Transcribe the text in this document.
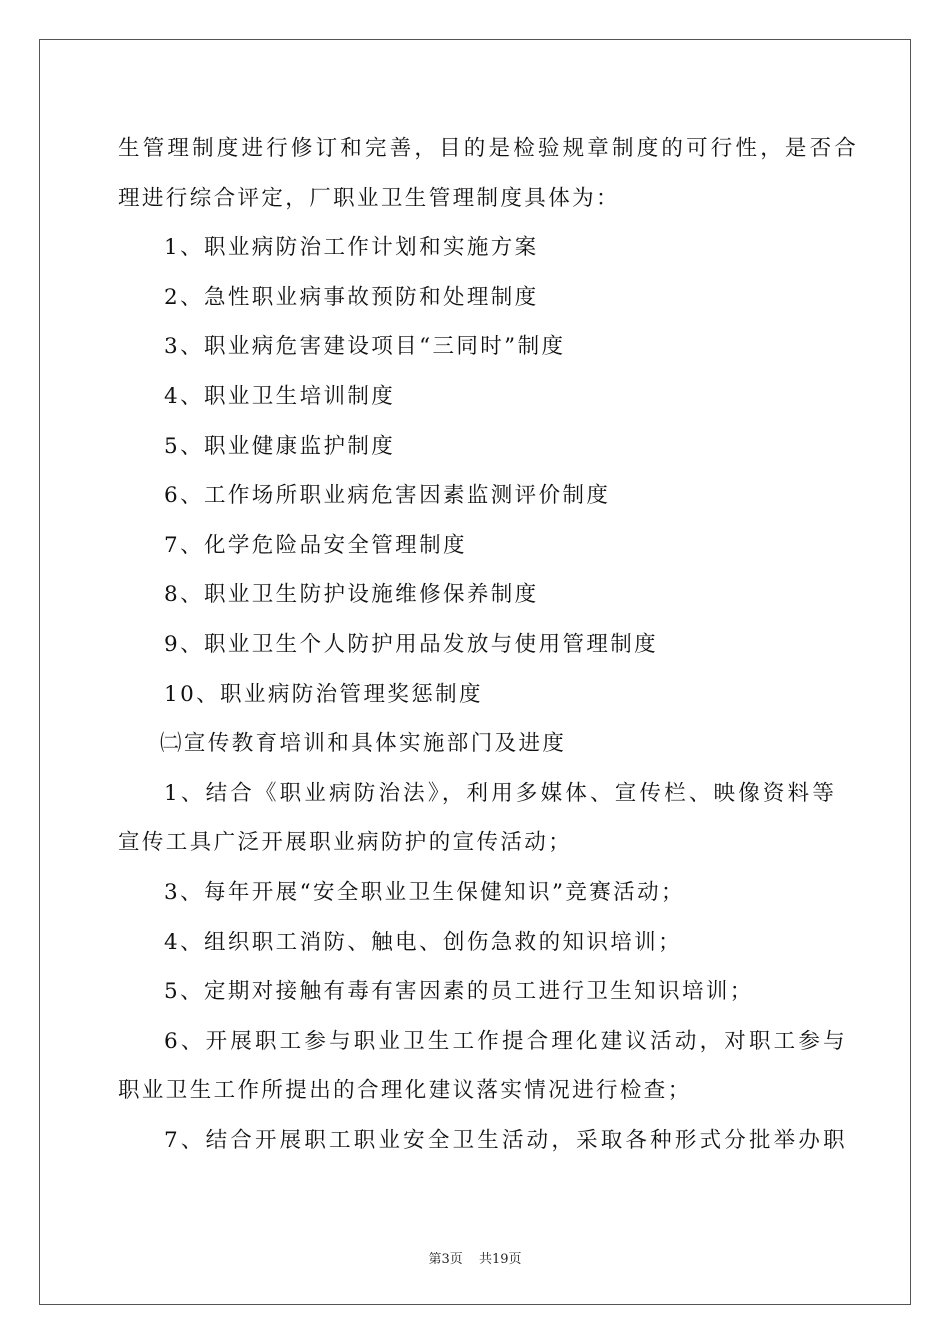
生管理制度进行修订和完善，目的是检验规章制度的可行性，是否合
理进行综合评定，厂职业卫生管理制度具体为：
1、职业病防治工作计划和实施方案
2、急性职业病事故预防和处理制度
3、职业病危害建设项目“三同时”制度
4、职业卫生培训制度
5、职业健康监护制度
6、工作场所职业病危害因素监测评价制度
7、化学危险品安全管理制度
8、职业卫生防护设施维修保养制度
9、职业卫生个人防护用品发放与使用管理制度
10、职业病防治管理奖惩制度
㈡宣传教育培训和具体实施部门及进度
1、结合《职业病防治法》，利用多媒体、宣传栏、映像资料等
宣传工具广泛开展职业病防护的宣传活动；
3、每年开展“安全职业卫生保健知识”竞赛活动；
4、组织职工消防、触电、创伤急救的知识培训；
5、定期对接触有毒有害因素的员工进行卫生知识培训；
6、开展职工参与职业卫生工作提合理化建议活动，对职工参与
职业卫生工作所提出的合理化建议落实情况进行检查；
7、结合开展职工职业安全卫生活动，采取各种形式分批举办职
第3页 共19页
